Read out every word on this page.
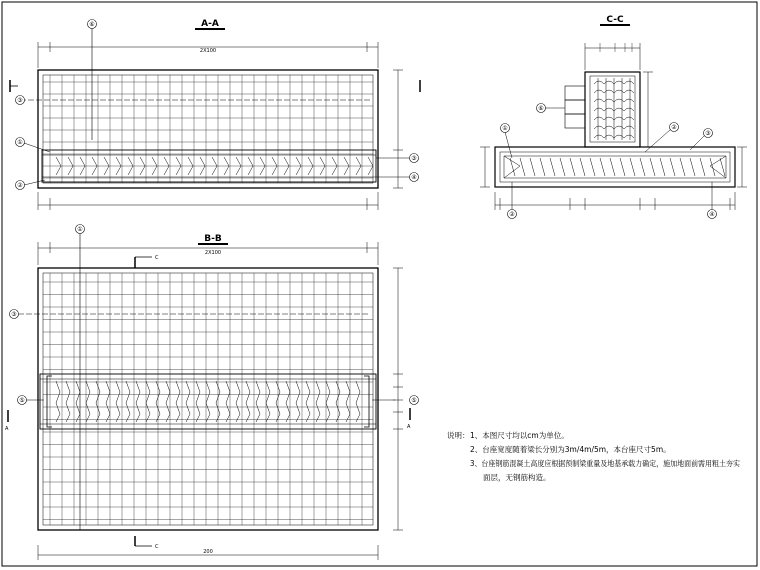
A-A
2X100
⑥
③
①
②
③
④
C-C
⑥
①	②
③
②	④
B-B
2X100
C
A	A
C
200
①
③
⑤	⑤
说明： 1、本图尺寸均以cm为单位。
2、台座宽度随着梁长分别为3m/4m/5m，本台座尺寸5m。
3、台座钢筋混凝土高度应根据预制梁重量及地基承载力确定，施加地面前需用粗土夯实
面层，无钢筋构造。
